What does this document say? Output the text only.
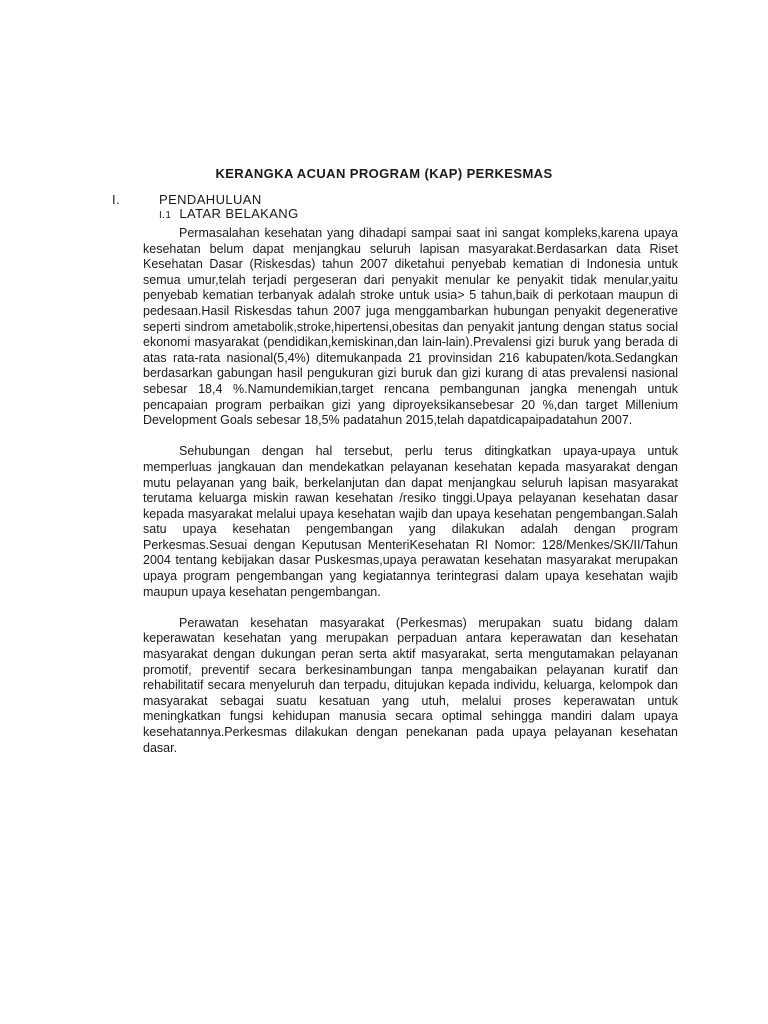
KERANGKA ACUAN PROGRAM (KAP) PERKESMAS
I.	PENDAHULUAN
I.1 LATAR BELAKANG

Permasalahan kesehatan yang dihadapi sampai saat ini sangat kompleks,karena upaya kesehatan belum dapat menjangkau seluruh lapisan masyarakat.Berdasarkan data Riset Kesehatan Dasar (Riskesdas) tahun 2007 diketahui penyebab kematian di Indonesia untuk semua umur,telah terjadi pergeseran dari penyakit menular ke penyakit tidak menular,yaitu penyebab kematian terbanyak adalah stroke untuk usia> 5 tahun,baik di perkotaan maupun di pedesaan.Hasil Riskesdas tahun 2007 juga menggambarkan hubungan penyakit degenerative seperti sindrom ametabolik,stroke,hipertensi,obesitas dan penyakit jantung dengan status social ekonomi masyarakat (pendidikan,kemiskinan,dan lain-lain).Prevalensi gizi buruk yang berada di atas rata-rata nasional(5,4%) ditemukanpada 21 provinsidan 216 kabupaten/kota.Sedangkan berdasarkan gabungan hasil pengukuran gizi buruk dan gizi kurang di atas prevalensi nasional sebesar 18,4 %.Namundemikian,target rencana pembangunan jangka menengah untuk pencapaian program perbaikan gizi yang diproyeksikansebesar 20 %,dan target Millenium Development Goals sebesar 18,5% padatahun 2015,telah dapatdicapaipadatahun 2007.

Sehubungan dengan hal tersebut, perlu terus ditingkatkan upaya-upaya untuk memperluas jangkauan dan mendekatkan pelayanan kesehatan kepada masyarakat dengan mutu pelayanan yang baik, berkelanjutan dan dapat menjangkau seluruh lapisan masyarakat terutama keluarga miskin rawan kesehatan /resiko tinggi.Upaya pelayanan kesehatan dasar kepada masyarakat melalui upaya kesehatan wajib dan upaya kesehatan pengembangan.Salah satu upaya kesehatan pengembangan yang dilakukan adalah dengan program Perkesmas.Sesuai dengan Keputusan MenteriKesehatan RI Nomor: 128/Menkes/SK/II/Tahun 2004 tentang kebijakan dasar Puskesmas,upaya perawatan kesehatan masyarakat merupakan upaya program pengembangan yang kegiatannya terintegrasi dalam upaya kesehatan wajib maupun upaya kesehatan pengembangan.

Perawatan kesehatan masyarakat (Perkesmas) merupakan suatu bidang dalam keperawatan kesehatan yang merupakan perpaduan antara keperawatan dan kesehatan masyarakat dengan dukungan peran serta aktif masyarakat, serta mengutamakan pelayanan promotif, preventif secara berkesinambungan tanpa mengabaikan pelayanan kuratif dan rehabilitatif secara menyeluruh dan terpadu, ditujukan kepada individu, keluarga, kelompok dan masyarakat sebagai suatu kesatuan yang utuh, melalui proses keperawatan untuk meningkatkan fungsi kehidupan manusia secara optimal sehingga mandiri dalam upaya kesehatannya.Perkesmas dilakukan dengan penekanan pada upaya pelayanan kesehatan dasar.
